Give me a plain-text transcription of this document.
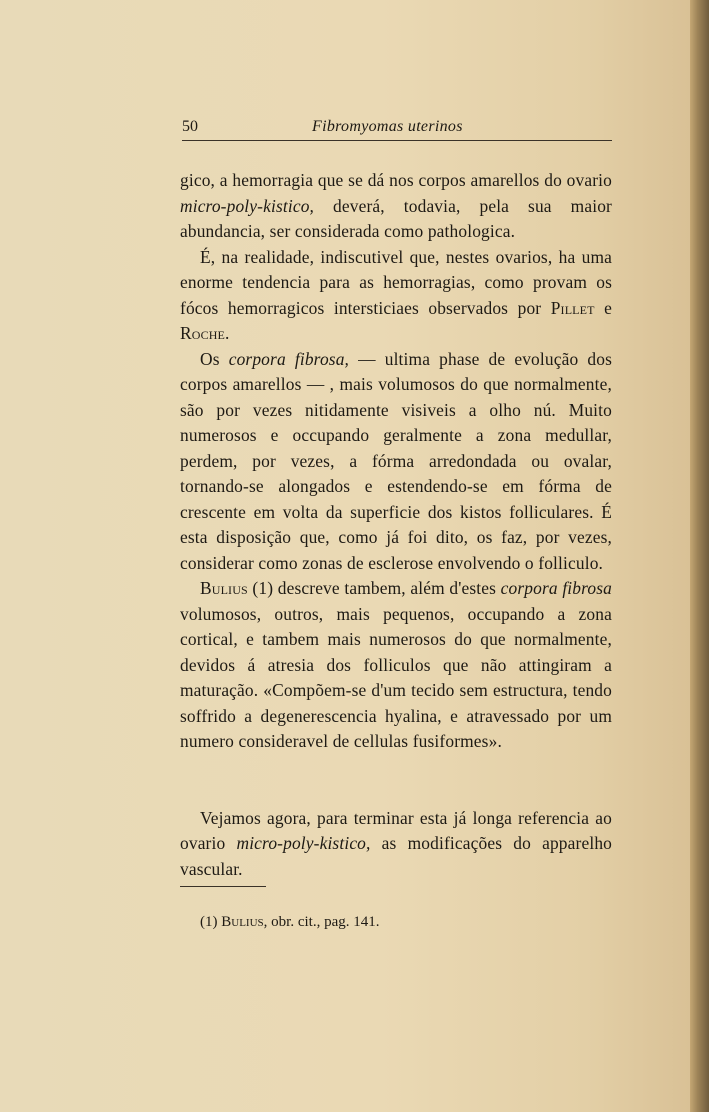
50	Fibromyomas uterinos

gico, a hemorragia que se dá nos corpos amarellos do ovario micro-poly-kistico, deverá, todavia, pela sua maior abundancia, ser considerada como pathologica.

É, na realidade, indiscutivel que, nestes ovarios, ha uma enorme tendencia para as hemorragias, como provam os fócos hemorragicos intersticiaes observados por Pillet e Roche.

Os corpora fibrosa, — ultima phase de evolução dos corpos amarellos — , mais volumosos do que normalmente, são por vezes nitidamente visiveis a olho nú. Muito numerosos e occupando geralmente a zona medullar, perdem, por vezes, a fórma arredondada ou ovalar, tornando-se alongados e estendendo-se em fórma de crescente em volta da superficie dos kistos folliculares. É esta disposição que, como já foi dito, os faz, por vezes, considerar como zonas de esclerose envolvendo o folliculo.

Bulius (1) descreve tambem, além d'estes corpora fibrosa volumosos, outros, mais pequenos, occupando a zona cortical, e tambem mais numerosos do que normalmente, devidos á atresia dos folliculos que não attingiram a maturação. «Compõem-se d'um tecido sem estructura, tendo soffrido a degenerescencia hyalina, e atravessado por um numero consideravel de cellulas fusiformes».

Vejamos agora, para terminar esta já longa referencia ao ovario micro-poly-kistico, as modificações do apparelho vascular.

(1) Bulius, obr. cit., pag. 141.
